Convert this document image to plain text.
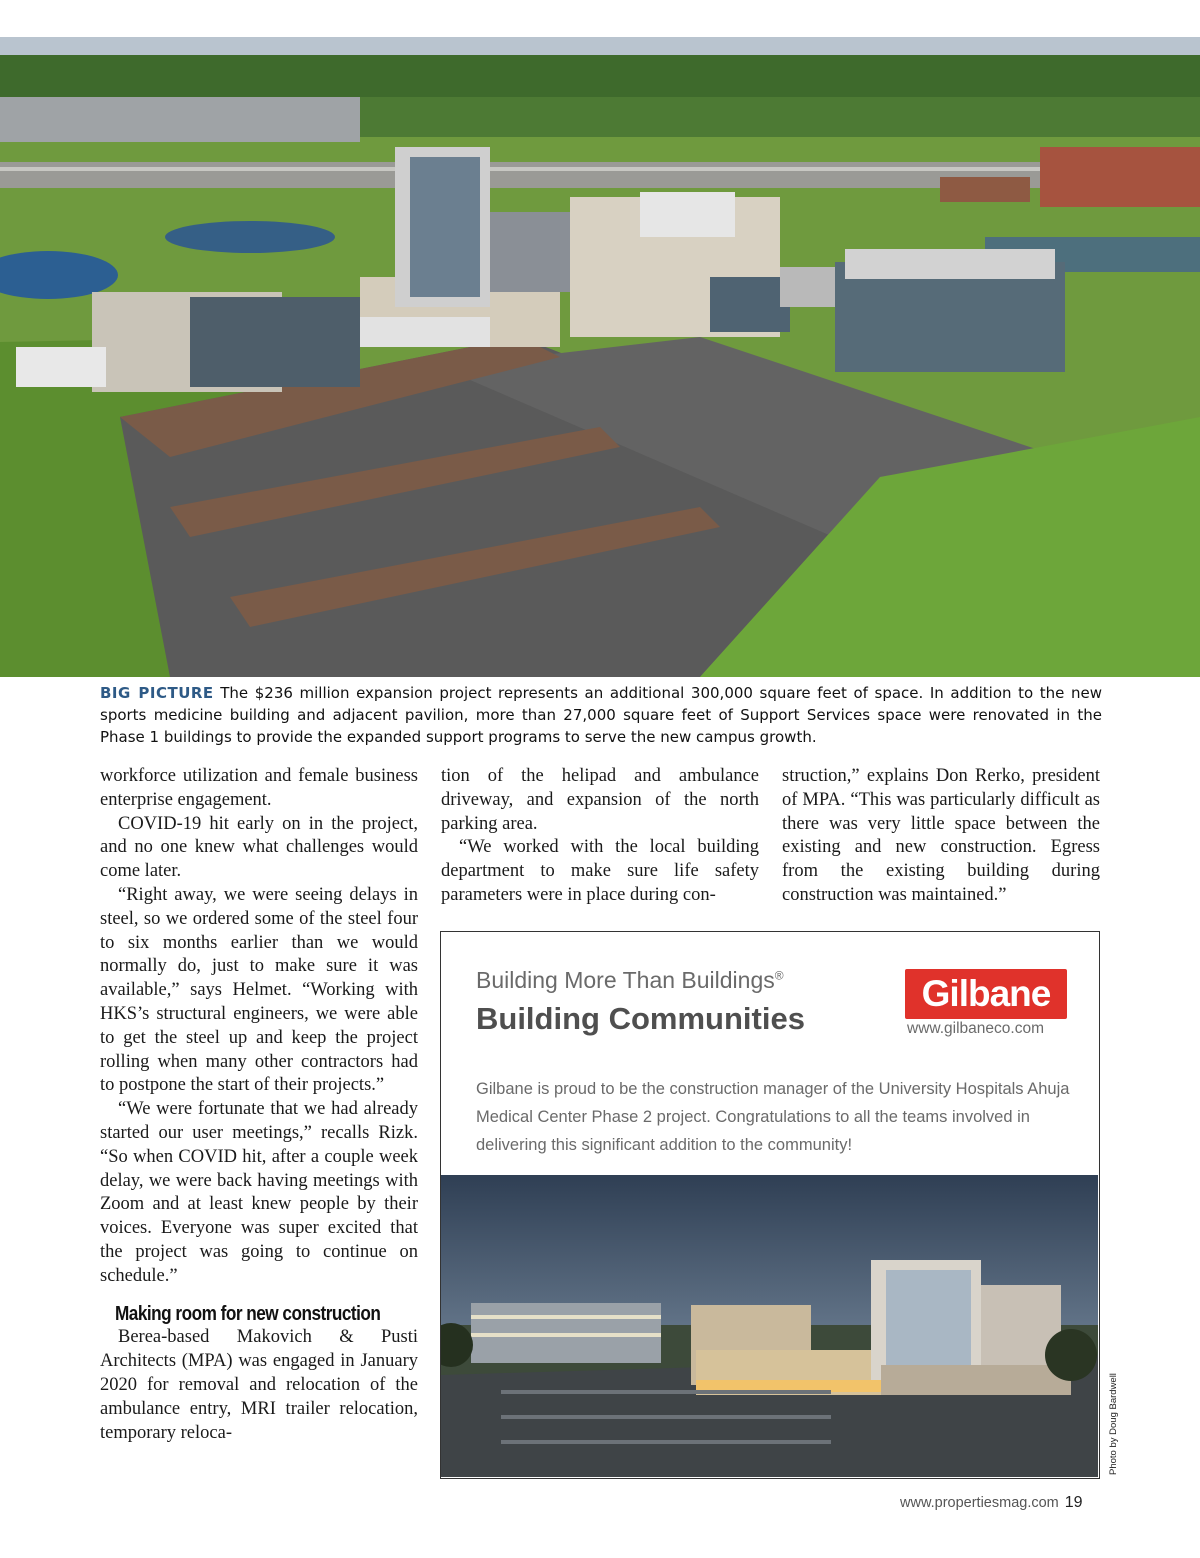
BIG PICTURE The $236 million expansion project represents an additional 300,000 square feet of space. In addition to the new sports medicine building and adjacent pavilion, more than 27,000 square feet of Support Services space were renovated in the Phase 1 buildings to provide the expanded support programs to serve the new campus growth.

workforce utilization and female business enterprise engagement.

COVID-19 hit early on in the project, and no one knew what challenges would come later.

“Right away, we were seeing delays in steel, so we ordered some of the steel four to six months earlier than we would normally do, just to make sure it was available,” says Helmet. “Working with HKS’s structural engineers, we were able to get the steel up and keep the project rolling when many other contractors had to postpone the start of their projects.”

“We were fortunate that we had already started our user meetings,” recalls Rizk. “So when COVID hit, after a couple week delay, we were back having meetings with Zoom and at least knew people by their voices. Everyone was super excited that the project was going to continue on schedule.”

Making room for new construction

Berea-based Makovich & Pusti Architects (MPA) was engaged in January 2020 for removal and relocation of the ambulance entry, MRI trailer relocation, temporary reloca-

tion of the helipad and ambulance driveway, and expansion of the north parking area.

“We worked with the local building department to make sure life safety parameters were in place during con-

struction,” explains Don Rerko, president of MPA. “This was particularly difficult as there was very little space between the existing and new construction. Egress from the existing building during construction was maintained.”

Building More Than Buildings®
Building Communities
Gilbane
www.gilbaneco.com
Gilbane is proud to be the construction manager of the University Hospitals Ahuja Medical Center Phase 2 project. Congratulations to all the teams involved in delivering this significant addition to the community!
Photo by Doug Bardwell
www.propertiesmag.com 19
